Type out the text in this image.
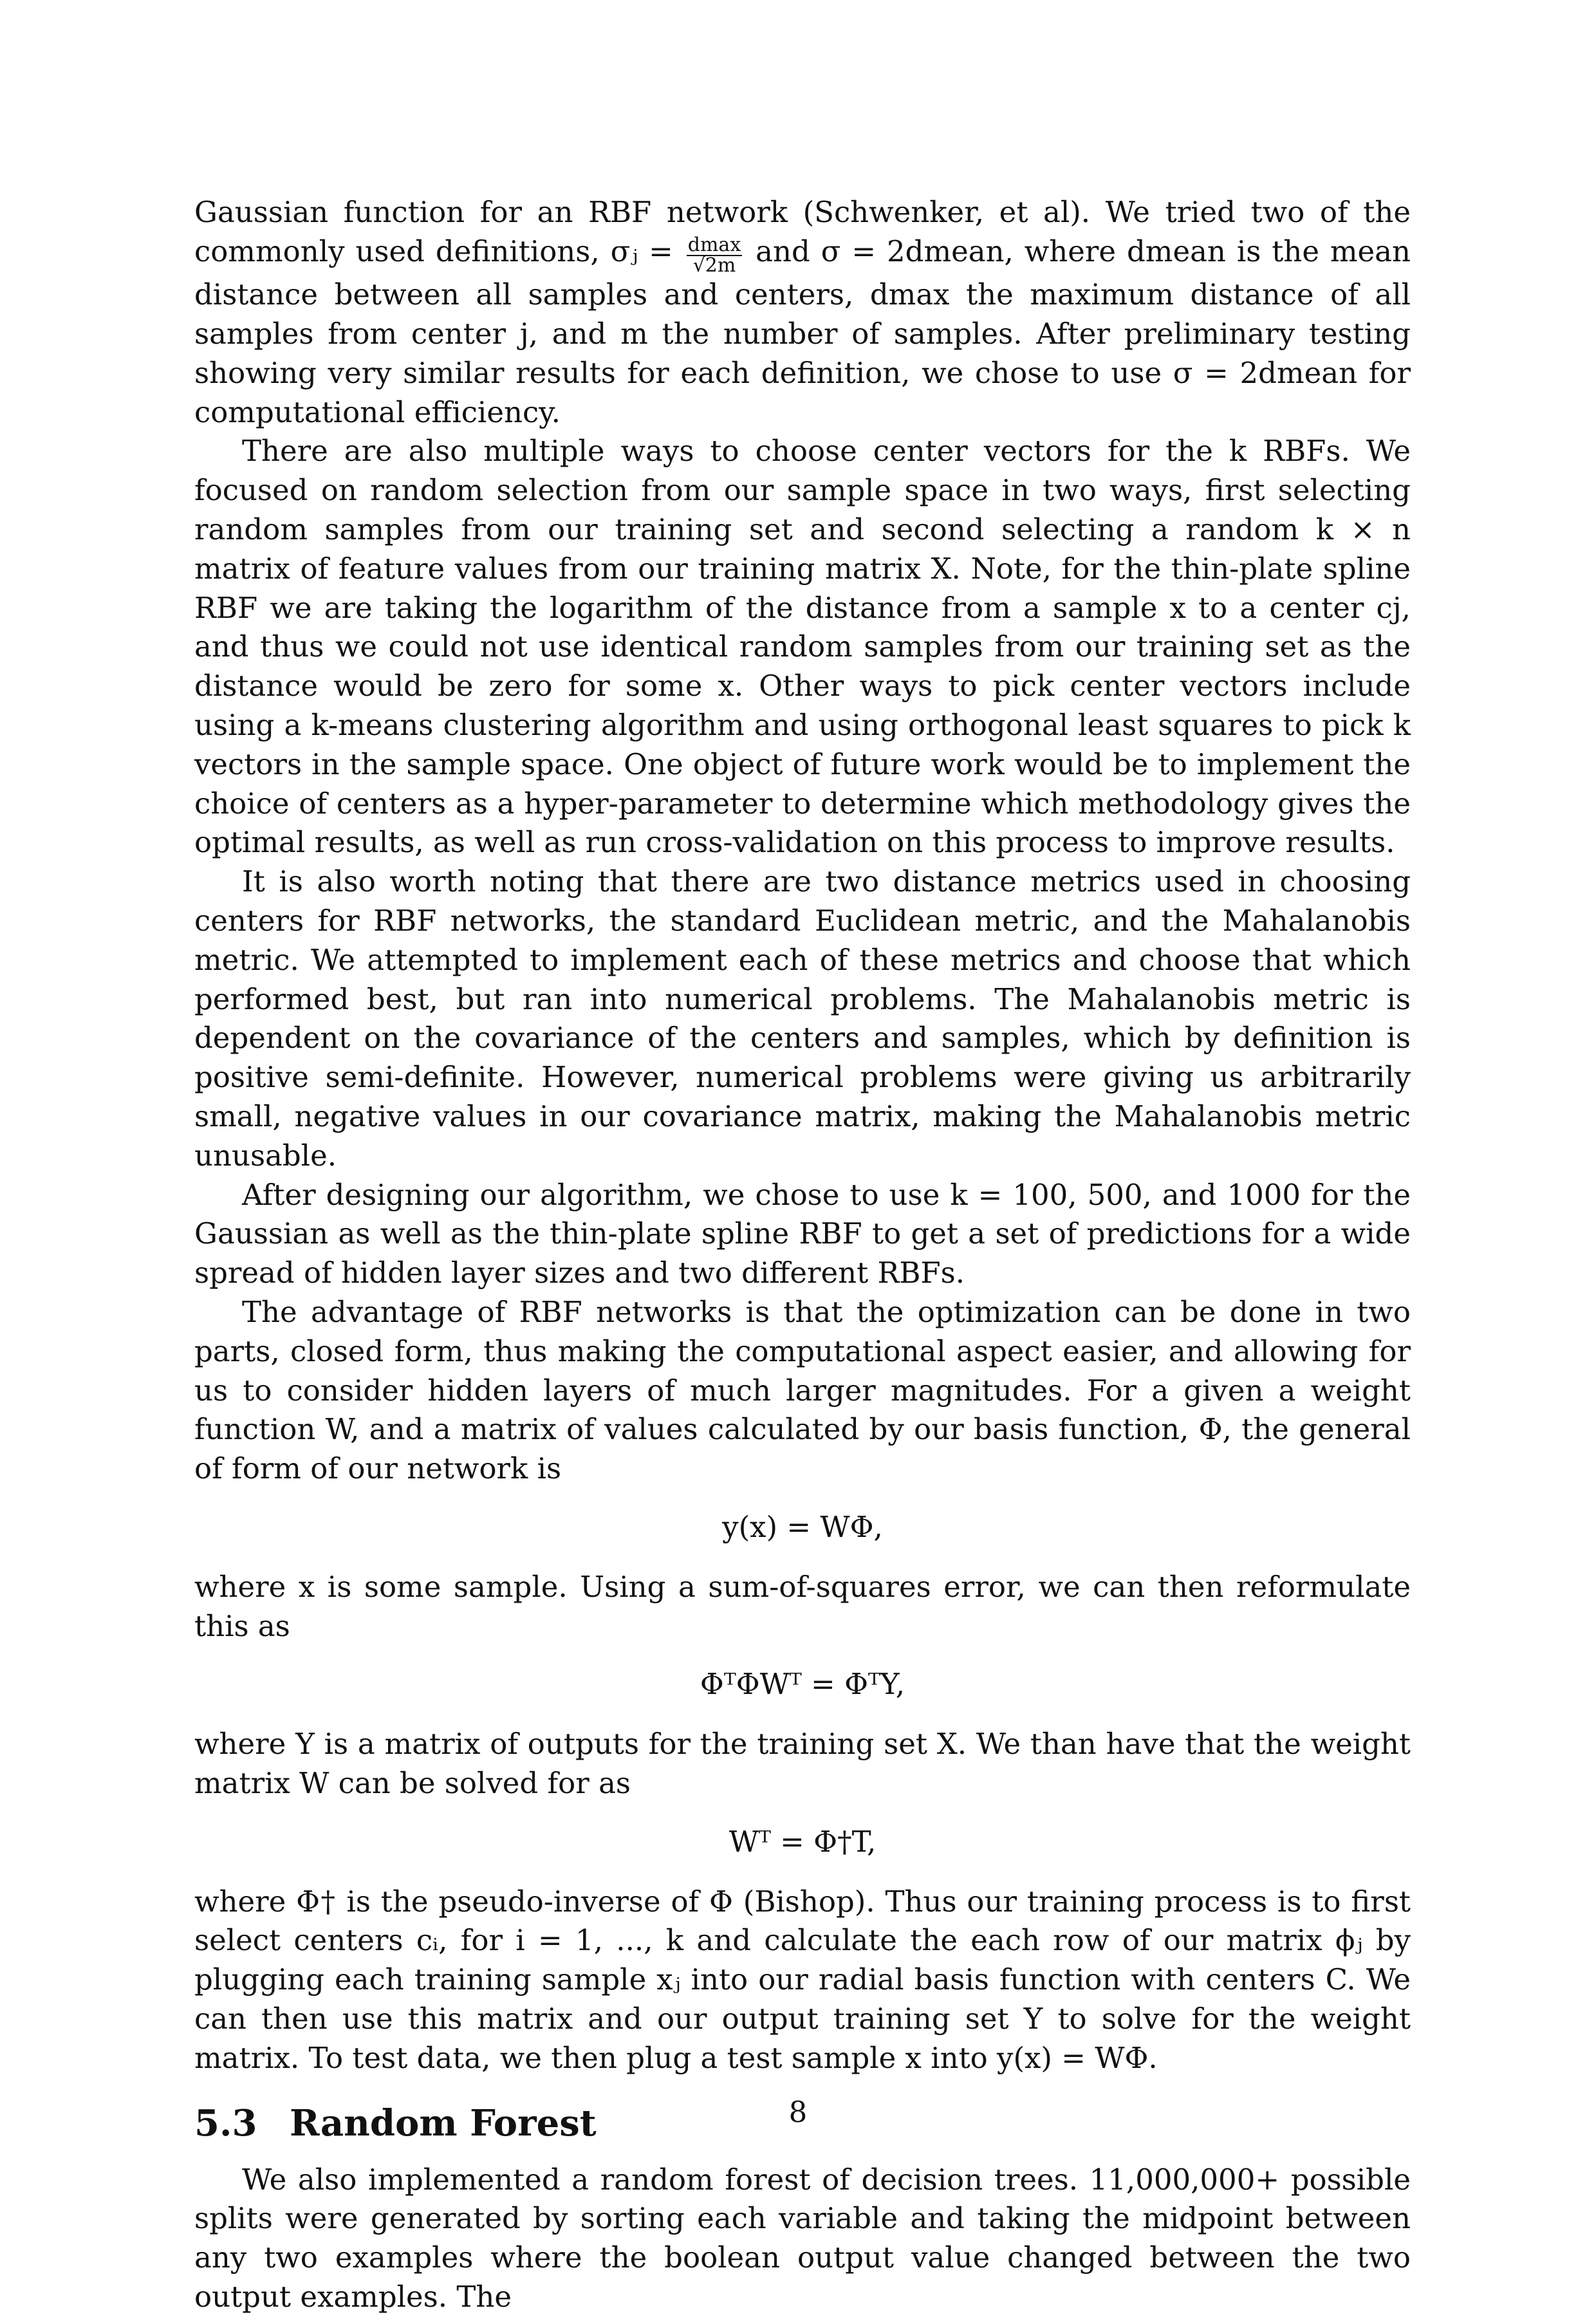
Gaussian function for an RBF network (Schwenker, et al). We tried two of the commonly used definitions, σⱼ = $\frac{dmax}{√2m}$ and σ = 2dmean, where dmean is the mean distance between all samples and centers, dmax the maximum distance of all samples from center j, and m the number of samples. After preliminary testing showing very similar results for each definition, we chose to use σ = 2dmean for computational efficiency.

There are also multiple ways to choose center vectors for the k RBFs. We focused on random selection from our sample space in two ways, first selecting random samples from our training set and second selecting a random k × n matrix of feature values from our training matrix X. Note, for the thin-plate spline RBF we are taking the logarithm of the distance from a sample x to a center cj, and thus we could not use identical random samples from our training set as the distance would be zero for some x. Other ways to pick center vectors include using a k-means clustering algorithm and using orthogonal least squares to pick k vectors in the sample space. One object of future work would be to implement the choice of centers as a hyper-parameter to determine which methodology gives the optimal results, as well as run cross-validation on this process to improve results.

It is also worth noting that there are two distance metrics used in choosing centers for RBF networks, the standard Euclidean metric, and the Mahalanobis metric. We attempted to implement each of these metrics and choose that which performed best, but ran into numerical problems. The Mahalanobis metric is dependent on the covariance of the centers and samples, which by definition is positive semi-definite. However, numerical problems were giving us arbitrarily small, negative values in our covariance matrix, making the Mahalanobis metric unusable.

After designing our algorithm, we chose to use k = 100, 500, and 1000 for the Gaussian as well as the thin-plate spline RBF to get a set of predictions for a wide spread of hidden layer sizes and two different RBFs.

The advantage of RBF networks is that the optimization can be done in two parts, closed form, thus making the computational aspect easier, and allowing for us to consider hidden layers of much larger magnitudes. For a given a weight function W, and a matrix of values calculated by our basis function, Φ, the general of form of our network is

y(x) = WΦ,

where x is some sample. Using a sum-of-squares error, we can then reformulate this as

ΦᵀΦWᵀ = ΦᵀY,

where Y is a matrix of outputs for the training set X. We than have that the weight matrix W can be solved for as

Wᵀ = Φ†T,

where Φ† is the pseudo-inverse of Φ (Bishop). Thus our training process is to first select centers cᵢ, for i = 1, ..., k and calculate the each row of our matrix ϕⱼ by plugging each training sample xⱼ into our radial basis function with centers C. We can then use this matrix and our output training set Y to solve for the weight matrix. To test data, we then plug a test sample x into y(x) = WΦ.

5.3 Random Forest

We also implemented a random forest of decision trees. 11,000,000+ possible splits were generated by sorting each variable and taking the midpoint between any two examples where the boolean output value changed between the two output examples. The

8
